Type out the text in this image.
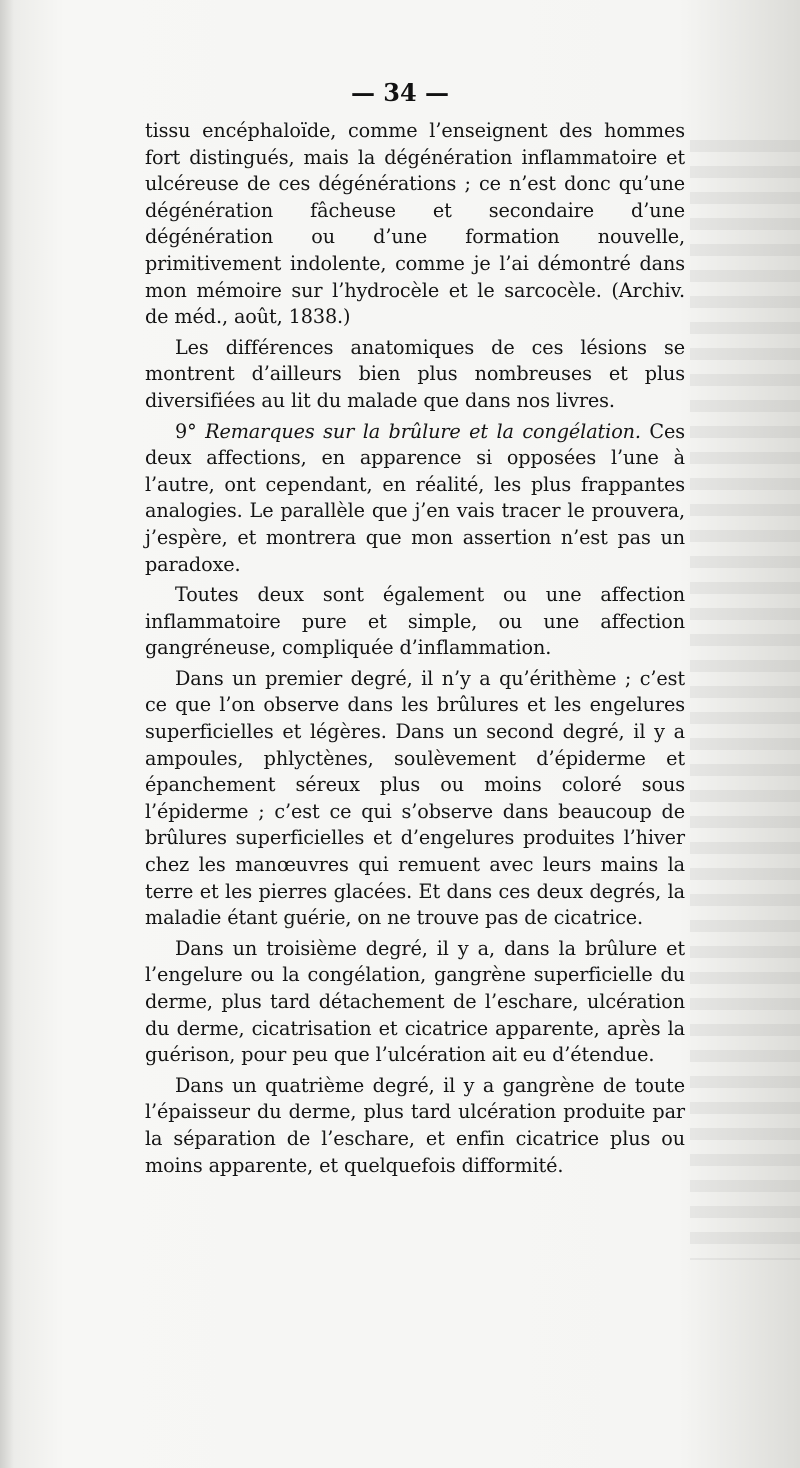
— 34 —

tissu encéphaloïde, comme l’enseignent des hommes fort distingués, mais la dégénération inflammatoire et ulcéreuse de ces dégénérations ; ce n’est donc qu’une dégénération fâcheuse et secondaire d’une dégénération ou d’une formation nouvelle, primitivement indolente, comme je l’ai démontré dans mon mémoire sur l’hydrocèle et le sarcocèle. (Archiv. de méd., août, 1838.)

Les différences anatomiques de ces lésions se montrent d’ailleurs bien plus nombreuses et plus diversifiées au lit du malade que dans nos livres.

9° Remarques sur la brûlure et la congélation. Ces deux affections, en apparence si opposées l’une à l’autre, ont cependant, en réalité, les plus frappantes analogies. Le parallèle que j’en vais tracer le prouvera, j’espère, et montrera que mon assertion n’est pas un paradoxe.

Toutes deux sont également ou une affection inflammatoire pure et simple, ou une affection gangréneuse, compliquée d’inflammation.

Dans un premier degré, il n’y a qu’érithème ; c’est ce que l’on observe dans les brûlures et les engelures superficielles et légères. Dans un second degré, il y a ampoules, phlyctènes, soulèvement d’épiderme et épanchement séreux plus ou moins coloré sous l’épiderme ; c’est ce qui s’observe dans beaucoup de brûlures superficielles et d’engelures produites l’hiver chez les manœuvres qui remuent avec leurs mains la terre et les pierres glacées. Et dans ces deux degrés, la maladie étant guérie, on ne trouve pas de cicatrice.

Dans un troisième degré, il y a, dans la brûlure et l’engelure ou la congélation, gangrène superficielle du derme, plus tard détachement de l’eschare, ulcération du derme, cicatrisation et cicatrice apparente, après la guérison, pour peu que l’ulcération ait eu d’étendue.

Dans un quatrième degré, il y a gangrène de toute l’épaisseur du derme, plus tard ulcération produite par la séparation de l’eschare, et enfin cicatrice plus ou moins apparente, et quelquefois difformité.
